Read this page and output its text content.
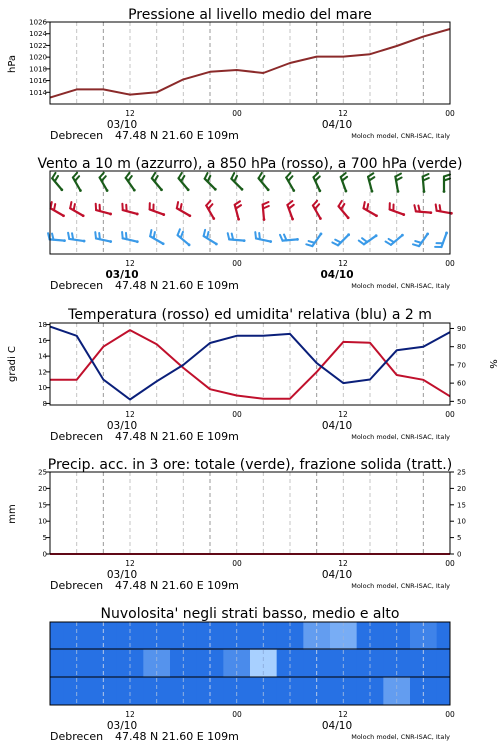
Pressione al livello medio del mare
hPa
1014
1016
1018
1020
1022
1024
1026
12	00	12	00
03/10	04/10
Debrecen 47.48 N 21.60 E 109m	Moloch model, CNR-ISAC, Italy
Vento a 10 m (azzurro), a 850 hPa (rosso), a 700 hPa (verde)
12	00	12	00
03/10	04/10
Debrecen 47.48 N 21.60 E 109m	Moloch model, CNR-ISAC, Italy
Temperatura (rosso) ed umidita' relativa (blu) a 2 m
gradi C	%
8
10
12
14
16
18
50
60
70
80
90
12	00	12	00
03/10	04/10
Debrecen 47.48 N 21.60 E 109m	Moloch model, CNR-ISAC, Italy
Precip. acc. in 3 ore: totale (verde), frazione solida (tratt.)
mm
0
5
10
15
20
25
0
5
10
15
20
25
12	00	12	00
03/10	04/10
Debrecen 47.48 N 21.60 E 109m	Moloch model, CNR-ISAC, Italy
Nuvolosita' negli strati basso, medio e alto
12	00	12	00
03/10	04/10
Debrecen 47.48 N 21.60 E 109m	Moloch model, CNR-ISAC, Italy
